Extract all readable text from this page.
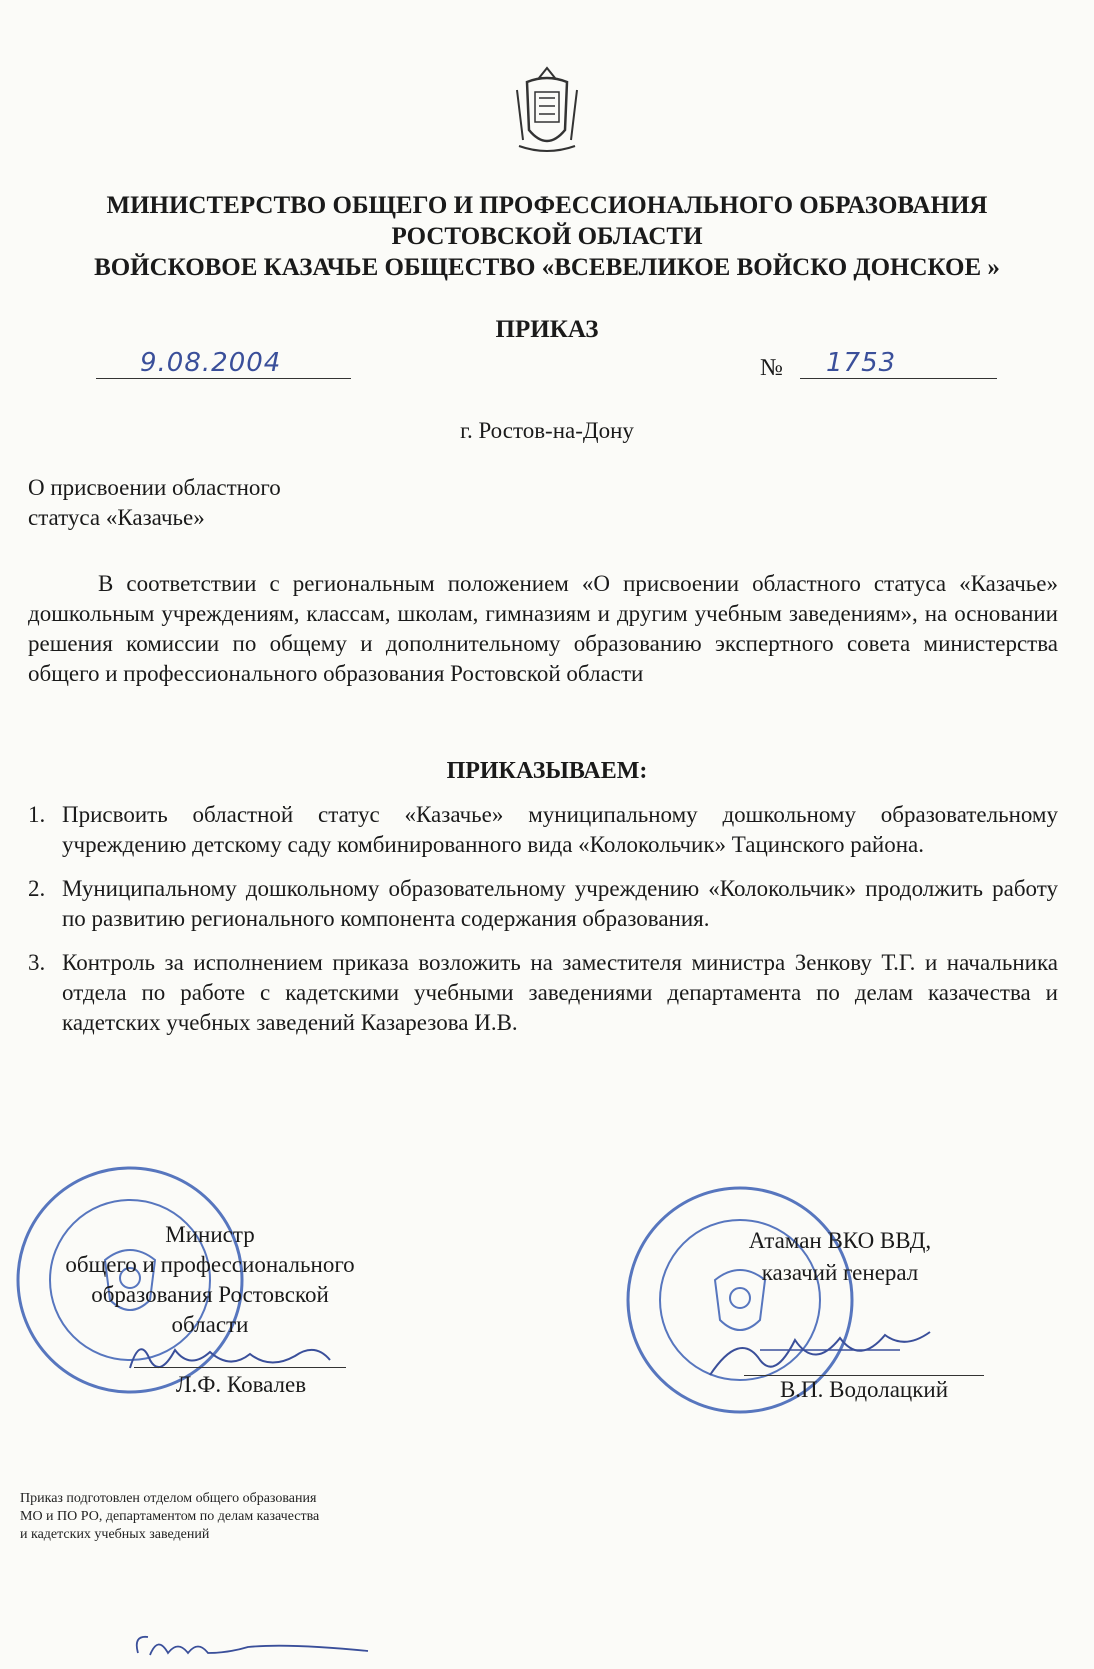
МИНИСТЕРСТВО ОБЩЕГО И ПРОФЕССИОНАЛЬНОГО ОБРАЗОВАНИЯ
РОСТОВСКОЙ ОБЛАСТИ
ВОЙСКОВОЕ КАЗАЧЬЕ ОБЩЕСТВО «ВСЕВЕЛИКОЕ ВОЙСКО ДОНСКОЕ »
ПРИКАЗ
9.08.2004	№ 1753
г. Ростов-на-Дону
О присвоении областного
статуса «Казачье»
В соответствии с региональным положением «О присвоении областного статуса «Казачье» дошкольным учреждениям, классам, школам, гимназиям и другим учебным заведениям», на основании решения комиссии по общему и дополнительному образованию экспертного совета министерства общего и профессионального образования Ростовской области
ПРИКАЗЫВАЕМ:
1. Присвоить областной статус «Казачье» муниципальному дошкольному образовательному учреждению детскому саду комбинированного вида «Колокольчик» Тацинского района.
2. Муниципальному дошкольному образовательному учреждению «Колокольчик» продолжить работу по развитию регионального компонента содержания образования.
3. Контроль за исполнением приказа возложить на заместителя министра Зенкову Т.Г. и начальника отдела по работе с кадетскими учебными заведениями департамента по делам казачества и кадетских учебных заведений Казарезова И.В.
Министр
общего и профессионального
образования Ростовской
области
Л.Ф. Ковалев
Атаман ВКО ВВД,
казачий генерал
В.П. Водолацкий
Приказ подготовлен отделом общего образования
МО и ПО РО, департаментом по делам казачества
и кадетских учебных заведений
